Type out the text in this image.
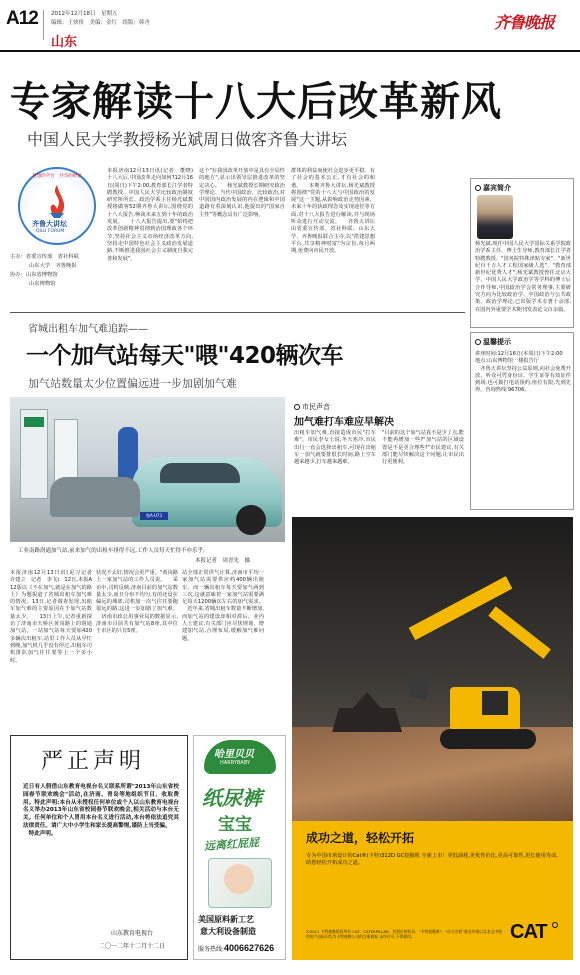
A12 2012年12月18日　星期五
编辑：王侠侠　美编：金红　组版：韩舟
山东
齐鲁晚报
专家解读十八大后改革新风
中国人民大学教授杨光斌周日做客齐鲁大讲坛
思想的平台　共享的财富
齐鲁大讲坛
QILU FORUM
主办：省委宣传部　省社科联
山东大学　齐鲁晚报
协办：山东省博物馆
山东博物馆
本报济南12月13日讯(记者　董晓)　十八大后,中国改革走向如何?12月16日(周日)下午2:00,教育部长江学者特聘教授、中国人民大学比较政治制度研究所所长、政治学系主任杨光斌教授将做客52期齐鲁大讲坛,围绕党的十八大报告,畅谈未来五到十年的政治发展。 　十八大报告提出,要"始终把改革创新精神贯彻到治国理政各个环节,坚持社会主义市场经济改革方向,坚持走中国特色社会主义政治发展道路,不断推进我国社会主义制度自我完善和发展"。
这个"在我国改革开放中是具有全局性的地方",显示出领导层推进改革的坚定决心。 　杨光斌教授长期研究政治学理论、当代中国政治、比较政治,对中国国内政治发展的内在逻辑和中国道路有着深刻认识,他提出的"国家自主性"等概念具有广泛影响。
群体的利益而使社会进步更平稳。有了社会的基本公正,才有社会的和谐。 　本期齐鲁大讲坛,杨光斌教授将围绕"党的十八大与中国政治的发展"这一主题,从影响政治走势因素、未来十年的执政理念及实现途径等方面,对十八大报告进行解读,并与现场听众进行互动交流。 　齐鲁大讲坛由省委宣传部、省社科联、山东大学、齐鲁晚报联合主办,以"搭建思想平台,共享精神财富"为宗旨,每月两期,免费向市民开放。
嘉宾简介
杨光斌,现任中国人民大学国际关系学院政治学系主任、博士生导师,教育部长江学者特聘教授、"国务院特殊津贴专家"、"新世纪百千万人才工程国家级人选"、"教育部新世纪优秀人才",杨光斌教授曾任北京大学、中国人民大学政治学等学科的博士后合作导师,中国政治学会常务理事,主要研究方向为比较政治学、中国政治与公共政策、政治学理论,已出版学术专著十余部,在国内外重要学术期刊发表论文百余篇。
温馨提示
讲座时间:12月16日(本周日)下午2:00
地点:山东博物馆一楼报告厅
　齐鲁大讲坛坚持公益原则,向社会免费开放。听众可凭身份证、学生证等有效证件到场,也可拨打电话预约,座位有限,先到先得。咨询热线:96706。
省城出租车加气难追踪——
一个加气站每天"喂"420辆次车
加气站数量太少位置偏远进一步加剧加气难
鲁A·U73
工业南路润通加气站,前来加气的出租车排得不远,工作人员每天忙得不亦乐乎。
本报记者　周青先　摄
本报济南12月13日讯(见习记者　许建立　记者　李飞)　12日,本报A12版以《不在加气,就是在加气的路上》为题报道了省城出租车加气难的情况。13日,记者调查发现,出租车加气难的主要原因在于加气站数量太少。 　13日上午,记者重新探访了济南市天桥区黄岗路上的润通加气站。一站加气站每天要加420多辆次出租车,站里工作人员从早忙到晚,加气机几乎没有停过,出租车司机排队加气往往要等上一个多小时。
状况不太好,情况会更严重。"黄岗路上一家加气站的工作人员说。 　采访中,司机反映,济南目前的加气站数量太少,而且分布不均匀,有的还设在偏远的城郊,司机加一次气往往要跑很远的路,这进一步加剧了加气难。 　济南市政公用事业局的数据显示,济南市目前共有加气站8座,其中位于市区的只有5座。
站全部正常供气计算,济南市平均一家加气站需要供应约400辆出租车。而一辆出租车每天要加气两到三次,这就意味着一家加气站需要满足每天1200辆次左右的加气需求。 　近年来,省城出租车数量不断增加,而加气站的建设却相对滞后。业内人士建议,有关部门应尽快规划、增建加气站,合理布局,缓解加气难问题。
市民声音
加气难打车难应早解决
出租车加气难,直接造成市民"打车难"。市民李女士说,冬天寒冷,市民出行一直会选择出租车,可现在出租车一加气就要排很长时间,路上空车越来越少,打车越来越难。
"目前的这个加气站真不是少了点,能不能再增加一些?"加气站的区域设置是不是更合理些?"市民建议,有关部门能尽快解决这个问题,让市民出行更便利。
严正声明
近日有人假借山东教育电视台名义联系所谓"2013年山东省校园春节联欢晚会"活动,在济南、青岛等地组织节目、收取费用。特此声明:本台从未授权任何单位或个人以山东教育电视台名义举办2013年山东省校园春节联欢晚会,相关活动与本台无关。任何单位和个人冒用本台名义进行活动,本台将依法追究其法律责任。请广大中小学生和家长提高警惕,谨防上当受骗。
　特此声明。
山东教育电视台
二〇一二年十二月十二日
哈里贝贝
HARRYBABY
纸尿裤
宝宝
远离红屁屁
美国原料新工艺
意大利设备制造
服务热线:4006627626
成功之道，轻松开拓
专为中国市场设计的Cat®(卡特)312D GC挖掘机 全新上市！更低油耗,更优性价比,更高可靠性,更长使用寿命,助您轻松开拓成功之道。
©2012 卡特彼勒版权所有 CAT、CATERPILLAR、其相应的标识、"卡特彼勒黄"、"动力边框"商业外观以及本文中使用的产品标识均为卡特彼勒公司的注册商标,未经许可,不得使用。	CAT
